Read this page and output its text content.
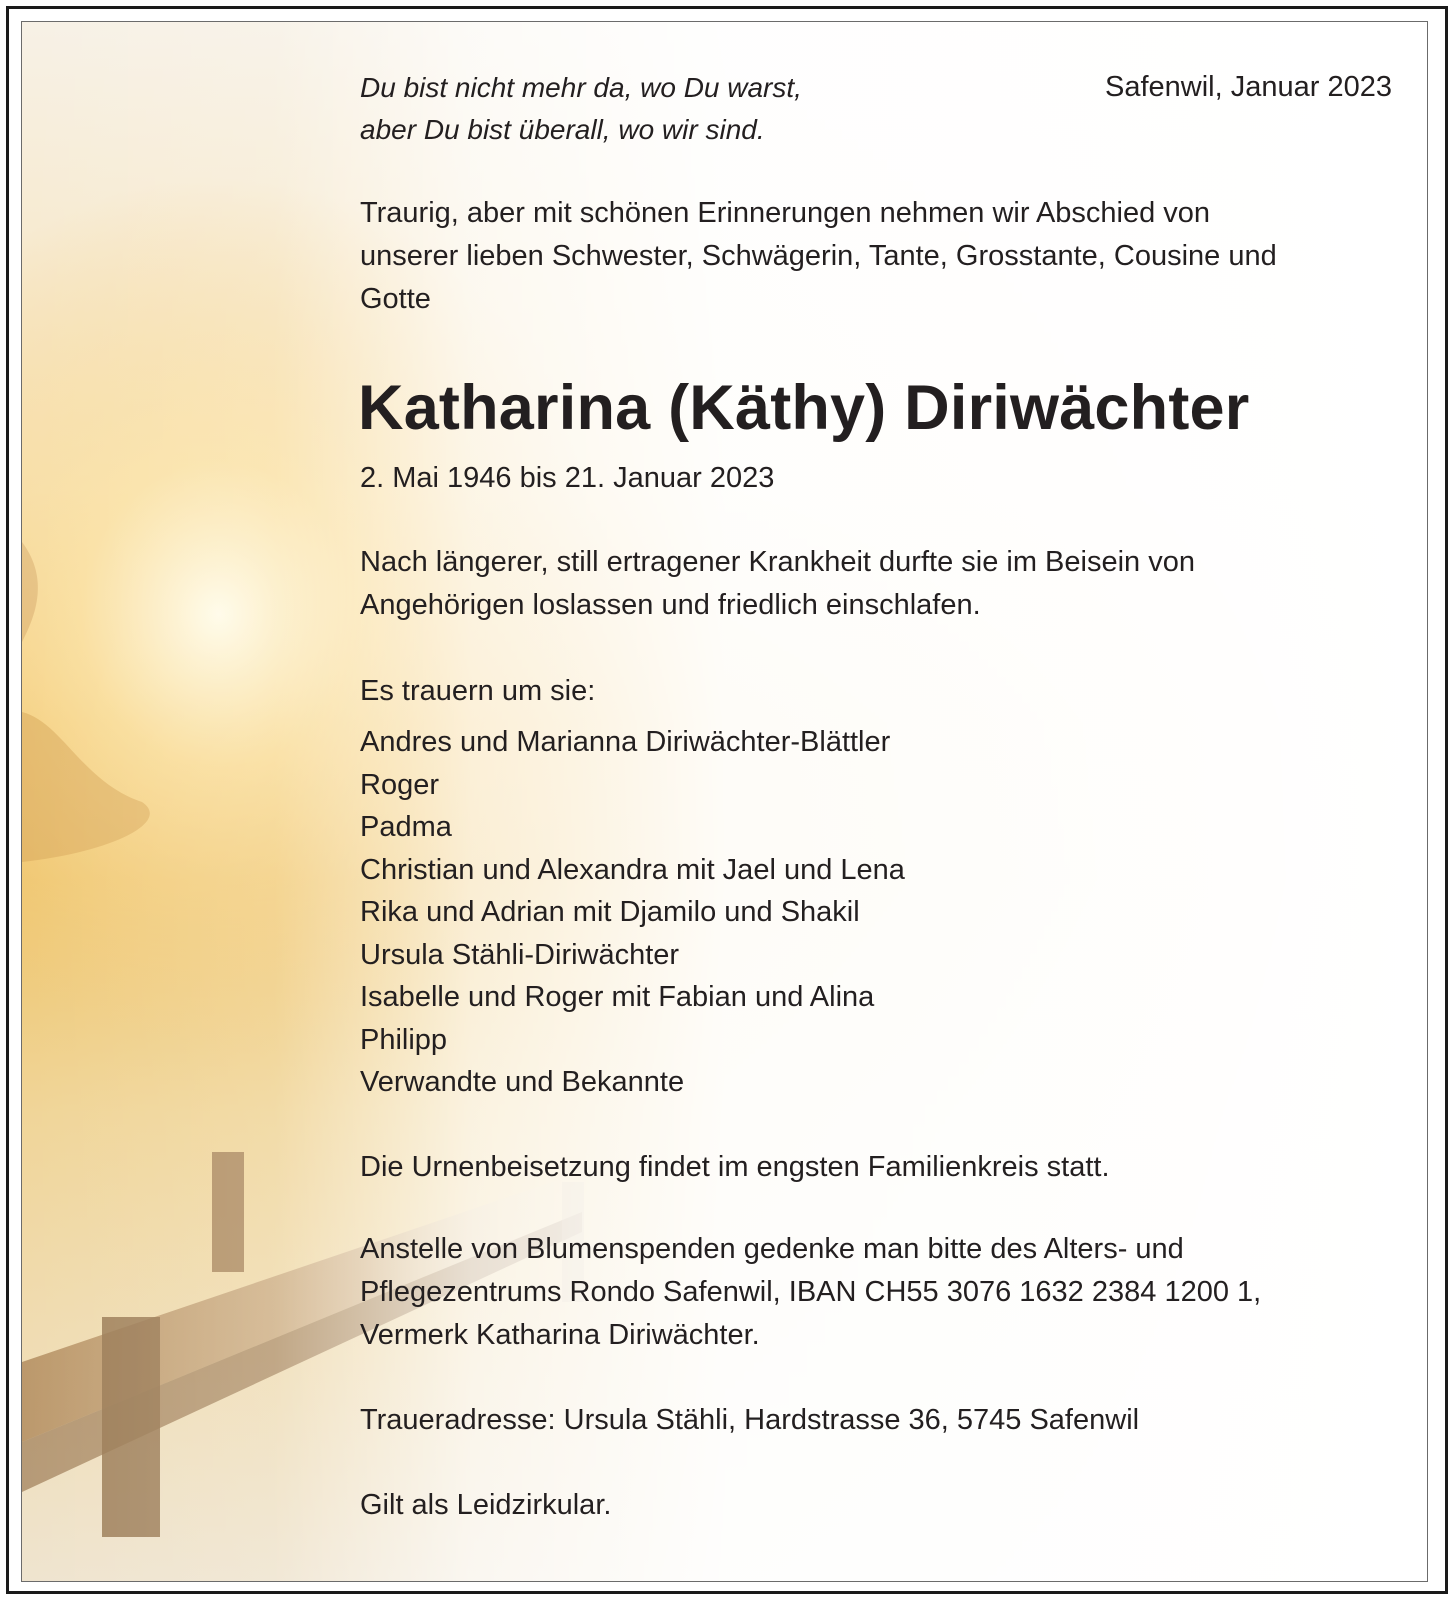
Du bist nicht mehr da, wo Du warst,

aber Du bist überall, wo wir sind.

Safenwil, Januar 2023

Traurig, aber mit schönen Erinnerungen nehmen wir Abschied von

unserer lieben Schwester, Schwägerin, Tante, Grosstante, Cousine und

Gotte

Katharina (Käthy) Diriwächter

2. Mai 1946 bis 21. Januar 2023

Nach längerer, still ertragener Krankheit durfte sie im Beisein von

Angehörigen loslassen und friedlich einschlafen.

Es trauern um sie:

Andres und Marianna Diriwächter-Blättler
Roger
Padma
Christian und Alexandra mit Jael und Lena
Rika und Adrian mit Djamilo und Shakil
Ursula Stähli-Diriwächter
Isabelle und Roger mit Fabian und Alina
Philipp
Verwandte und Bekannte

Die Urnenbeisetzung findet im engsten Familienkreis statt.

Anstelle von Blumenspenden gedenke man bitte des Alters- und

Pflegezentrums Rondo Safenwil, IBAN CH55 3076 1632 2384 1200 1,

Vermerk Katharina Diriwächter.

Traueradresse: Ursula Stähli, Hardstrasse 36, 5745 Safenwil

Gilt als Leidzirkular.
